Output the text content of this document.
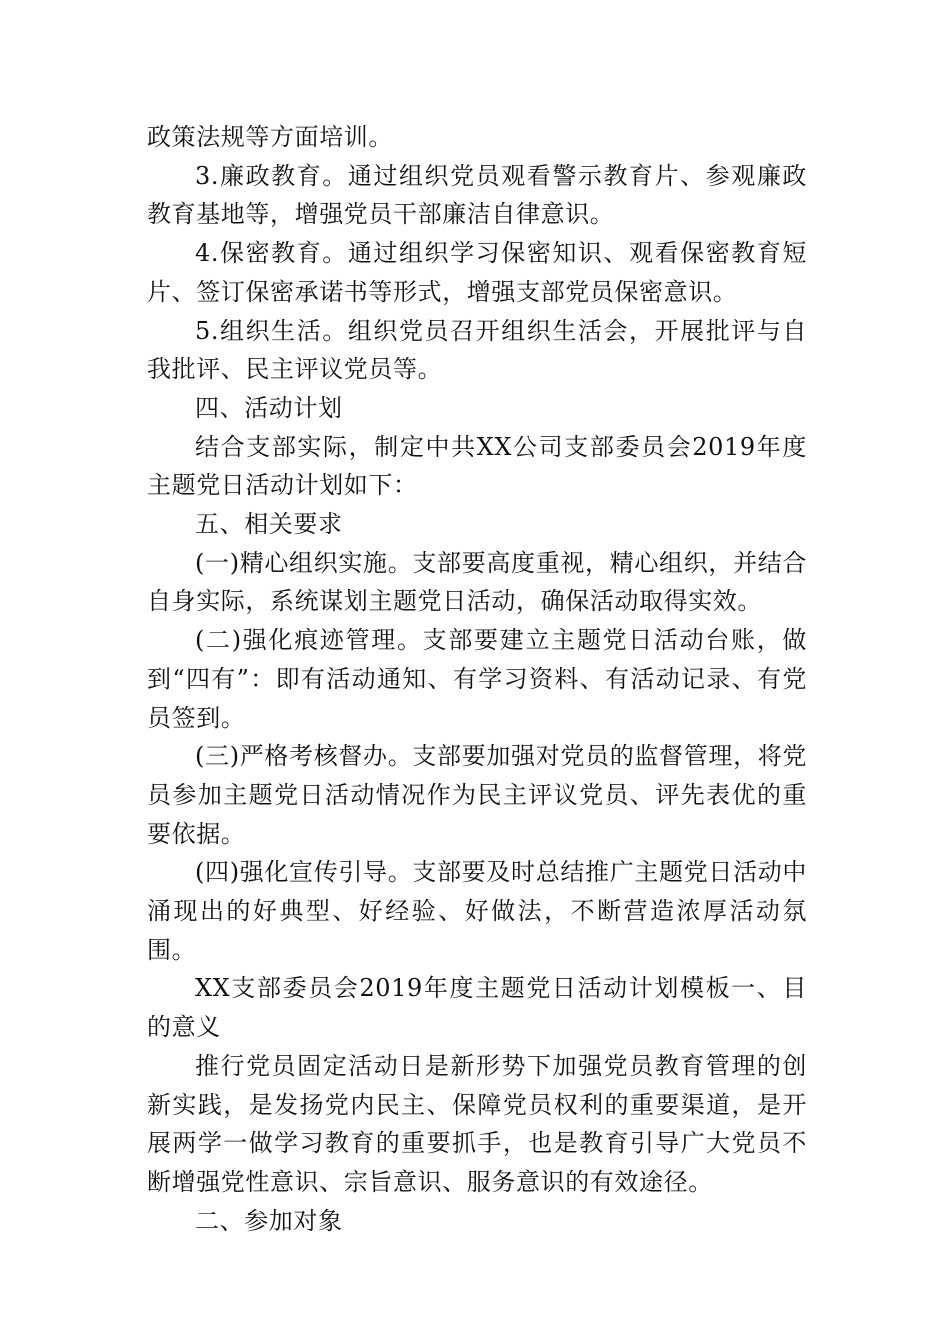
政策法规等方面培训。

3.廉政教育。通过组织党员观看警示教育片、参观廉政教育基地等，增强党员干部廉洁自律意识。

4.保密教育。通过组织学习保密知识、观看保密教育短片、签订保密承诺书等形式，增强支部党员保密意识。

5.组织生活。组织党员召开组织生活会，开展批评与自我批评、民主评议党员等。

四、活动计划

结合支部实际，制定中共XX公司支部委员会2019年度主题党日活动计划如下：

五、相关要求

(一)精心组织实施。支部要高度重视，精心组织，并结合自身实际，系统谋划主题党日活动，确保活动取得实效。

(二)强化痕迹管理。支部要建立主题党日活动台账，做到“四有”：即有活动通知、有学习资料、有活动记录、有党员签到。

(三)严格考核督办。支部要加强对党员的监督管理，将党员参加主题党日活动情况作为民主评议党员、评先表优的重要依据。

(四)强化宣传引导。支部要及时总结推广主题党日活动中涌现出的好典型、好经验、好做法，不断营造浓厚活动氛围。

XX支部委员会2019年度主题党日活动计划模板一、目的意义

推行党员固定活动日是新形势下加强党员教育管理的创新实践，是发扬党内民主、保障党员权利的重要渠道，是开展两学一做学习教育的重要抓手，也是教育引导广大党员不断增强党性意识、宗旨意识、服务意识的有效途径。

二、参加对象
